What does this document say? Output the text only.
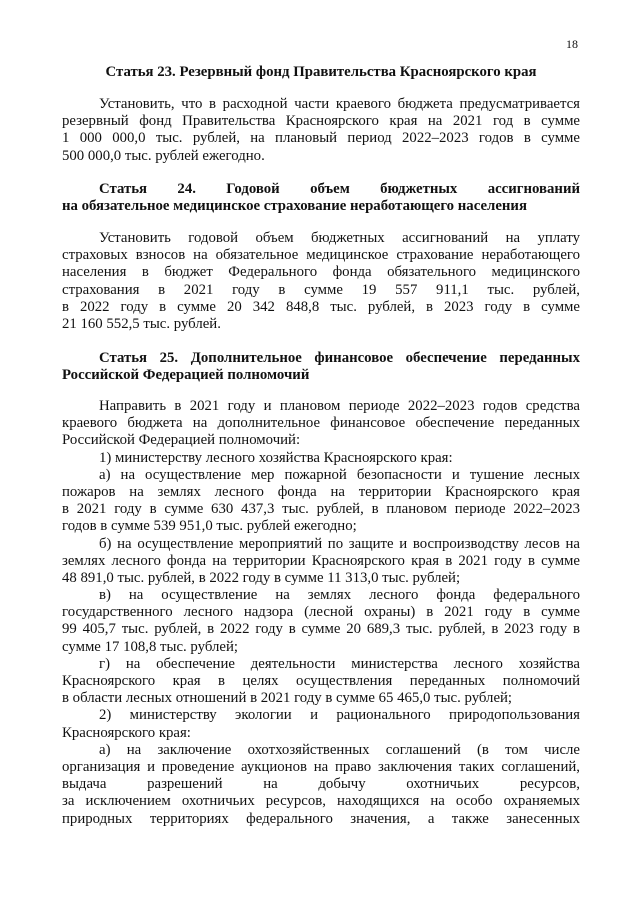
18
Статья 23. Резервный фонд Правительства Красноярского края
Установить, что в расходной части краевого бюджета предусматривается
резервный фонд Правительства Красноярского края на 2021 год в сумме
1 000 000,0 тыс. рублей, на плановый период 2022–2023 годов в сумме
500 000,0 тыс. рублей ежегодно.
Статья 24. Годовой объем бюджетных ассигнований
на обязательное медицинское страхование неработающего населения
Установить годовой объем бюджетных ассигнований на уплату
страховых взносов на обязательное медицинское страхование неработающего
населения в бюджет Федерального фонда обязательного медицинского
страхования в 2021 году в сумме 19 557 911,1 тыс. рублей,
в 2022 году в сумме 20 342 848,8 тыс. рублей, в 2023 году в сумме
21 160 552,5 тыс. рублей.
Статья 25. Дополнительное финансовое обеспечение переданных
Российской Федерацией полномочий
Направить в 2021 году и плановом периоде 2022–2023 годов средства
краевого бюджета на дополнительное финансовое обеспечение переданных
Российской Федерацией полномочий:
1) министерству лесного хозяйства Красноярского края:
а) на осуществление мер пожарной безопасности и тушение лесных
пожаров на землях лесного фонда на территории Красноярского края
в 2021 году в сумме 630 437,3 тыс. рублей, в плановом периоде 2022–2023
годов в сумме 539 951,0 тыс. рублей ежегодно;
б) на осуществление мероприятий по защите и воспроизводству лесов на
землях лесного фонда на территории Красноярского края в 2021 году в сумме
48 891,0 тыс. рублей, в 2022 году в сумме 11 313,0 тыс. рублей;
в) на осуществление на землях лесного фонда федерального
государственного лесного надзора (лесной охраны) в 2021 году в сумме
99 405,7 тыс. рублей, в 2022 году в сумме 20 689,3 тыс. рублей, в 2023 году в
сумме 17 108,8 тыс. рублей;
г) на обеспечение деятельности министерства лесного хозяйства
Красноярского края в целях осуществления переданных полномочий
в области лесных отношений в 2021 году в сумме 65 465,0 тыс. рублей;
2) министерству экологии и рационального природопользования
Красноярского края:
а) на заключение охотхозяйственных соглашений (в том числе
организация и проведение аукционов на право заключения таких соглашений,
выдача разрешений на добычу охотничьих ресурсов,
за исключением охотничьих ресурсов, находящихся на особо охраняемых
природных территориях федерального значения, а также занесенных
